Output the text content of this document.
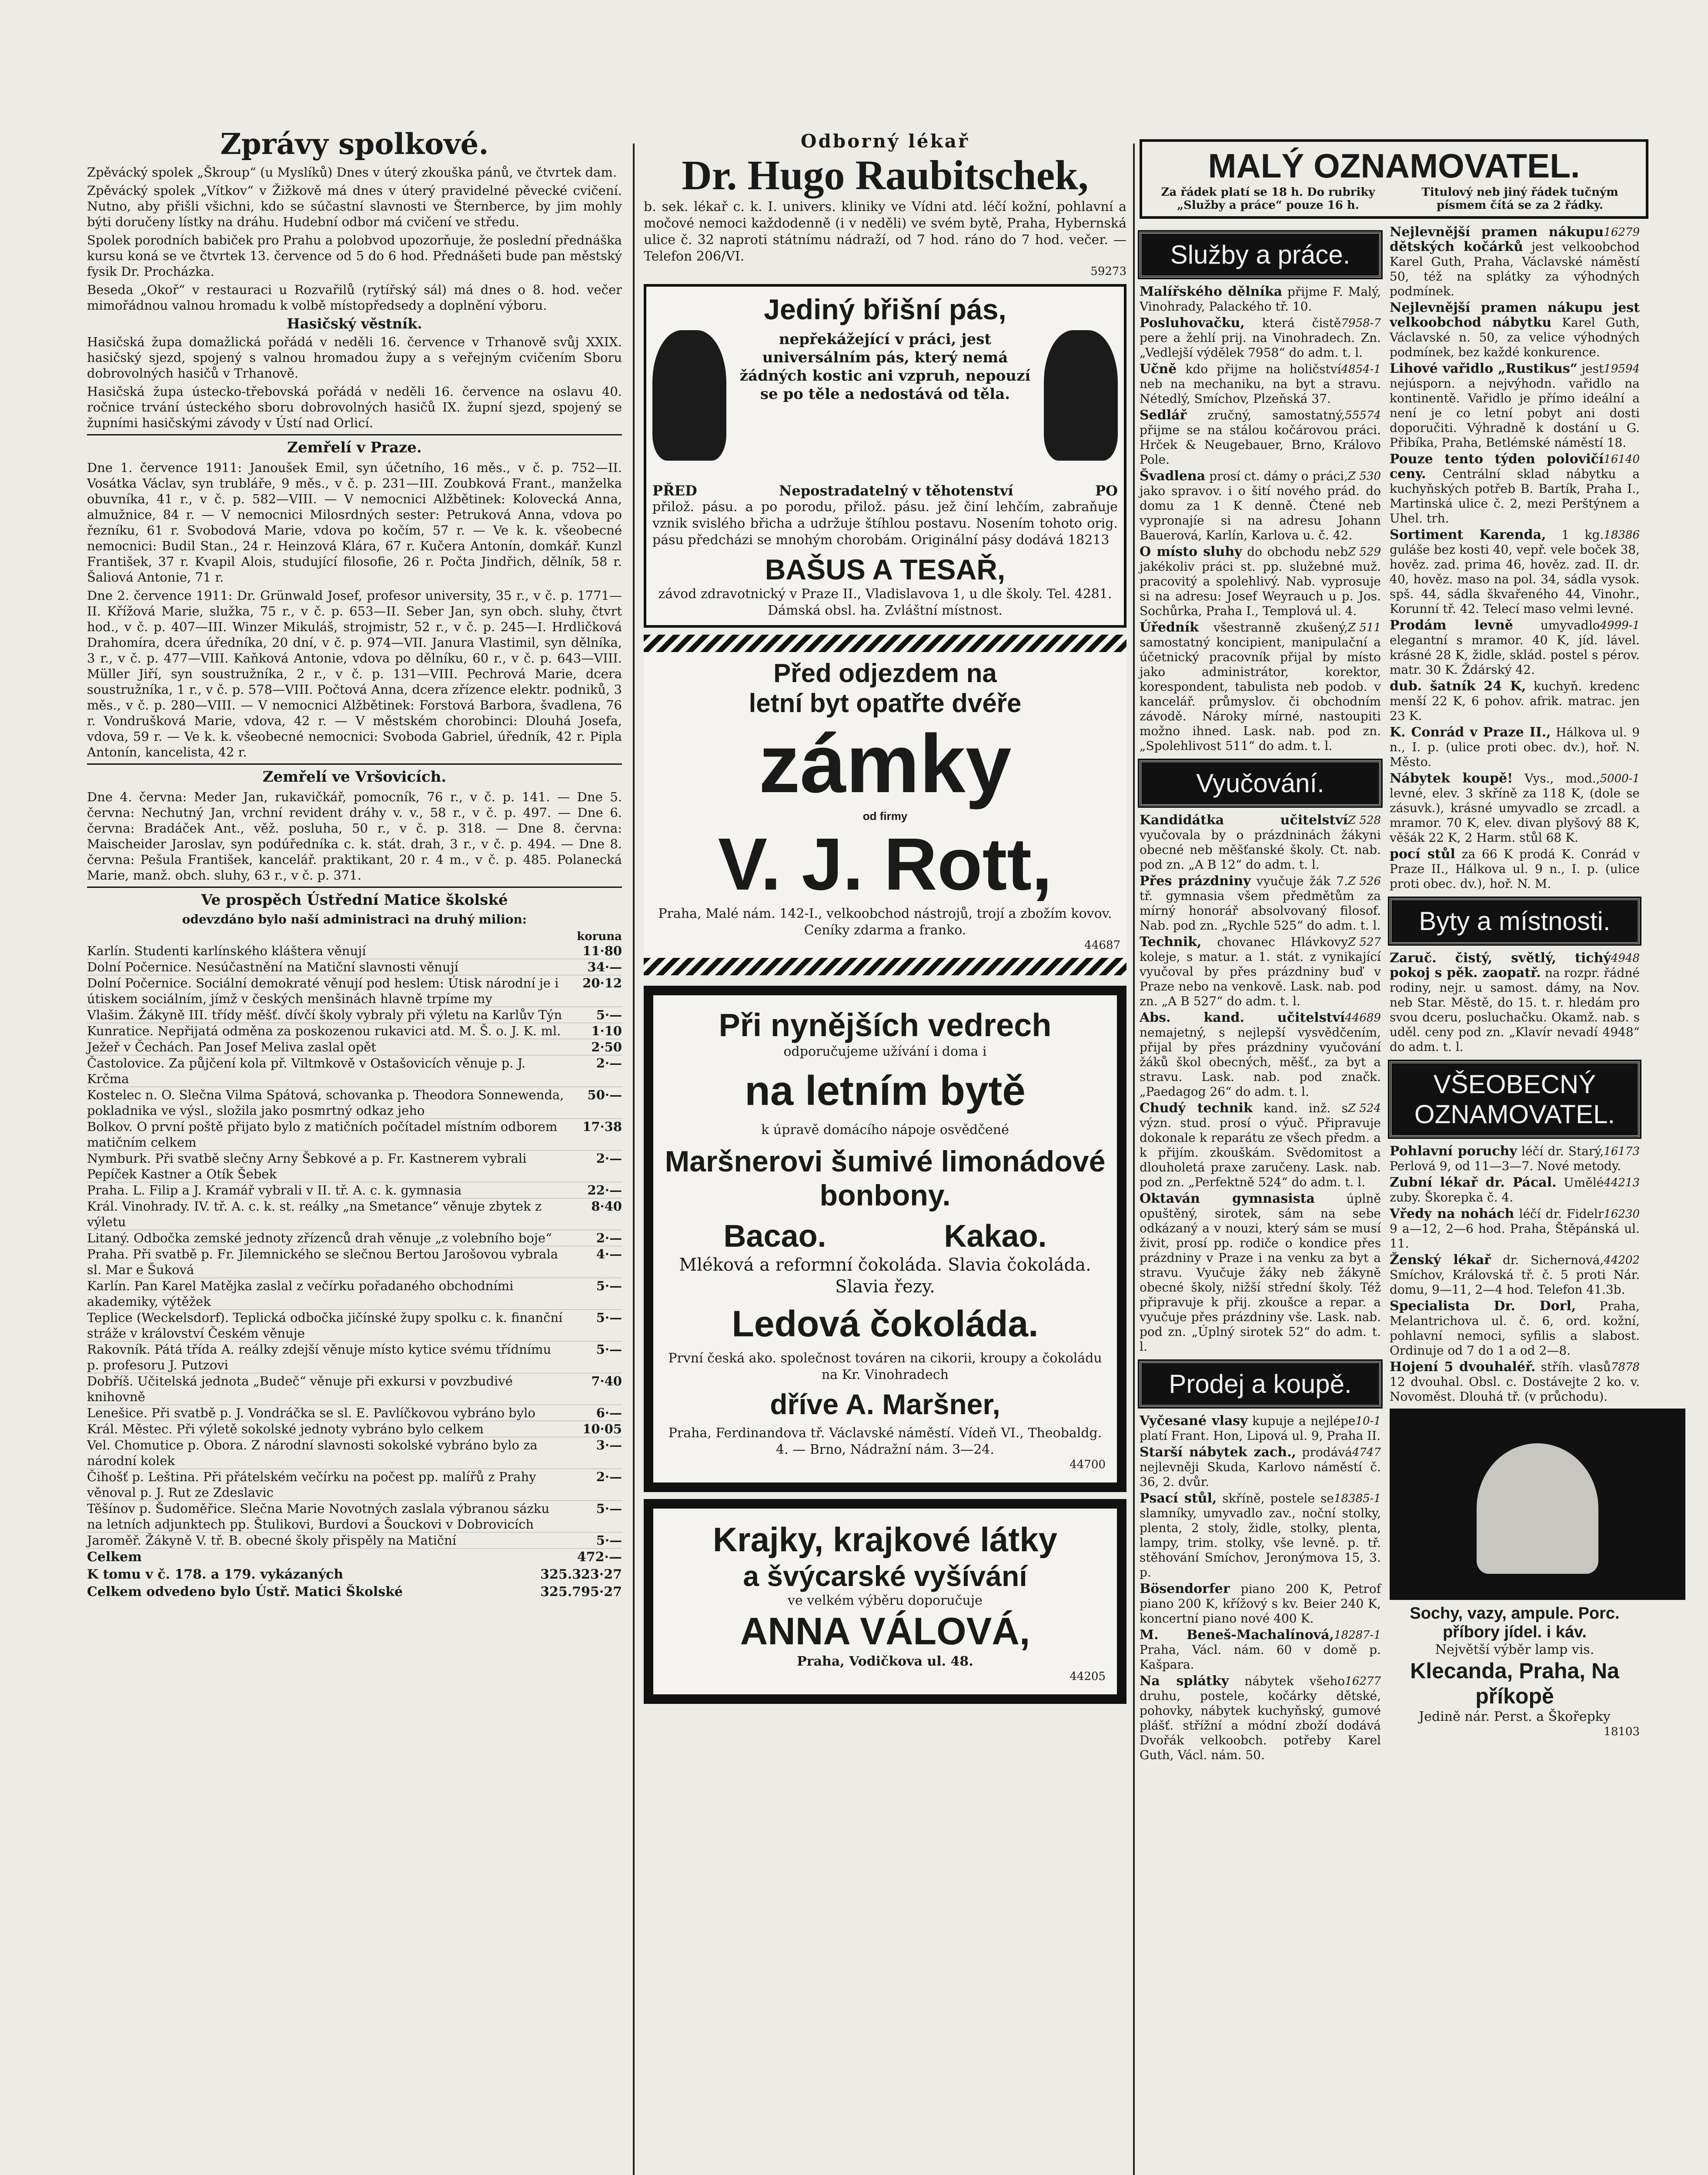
Zprávy spolkové.

Zpěvácký spolek „Škroup“ (u Myslíků) Dnes v úterý zkouška pánů, ve čtvrtek dam.

Zpěvácký spolek „Vítkov“ v Žižkově má dnes v úterý pravidelné pěvecké cvičení. Nutno, aby přišli všichni, kdo se súčastní slavnosti ve Šternberce, by jim mohly býti doručeny lístky na dráhu. Hudební odbor má cvičení ve středu.

Spolek porodních babiček pro Prahu a polobvod upozorňuje, že poslední přednáška kursu koná se ve čtvrtek 13. července od 5 do 6 hod. Přednášeti bude pan městský fysik Dr. Procházka.

Beseda „Okoř“ v restauraci u Rozvařilů (rytířský sál) má dnes o 8. hod. večer mimořádnou valnou hromadu k volbě místopředsedy a doplnění výboru.

Hasičský věstník.

Hasičská župa domažlická pořádá v neděli 16. července v Trhanově svůj XXIX. hasičský sjezd, spojený s valnou hromadou župy a s veřejným cvičením Sboru dobrovolných hasičů v Trhanově.

Hasičská župa ústecko-třebovská pořádá v neděli 16. července na oslavu 40. ročnice trvání ústeckého sboru dobrovolných hasičů IX. župní sjezd, spojený se župními hasičskými závody v Ústí nad Orlicí.

Zemřelí v Praze.

Dne 1. července 1911: Janoušek Emil, syn účetního, 16 měs., v č. p. 752—II. Vosátka Václav, syn trubláře, 9 měs., v č. p. 231—III. Zoubková Frant., manželka obuvníka, 41 r., v č. p. 582—VIII. — V nemocnici Alžbětinek: Kolovecká Anna, almužnice, 84 r. — V nemocnici Milosrdných sester: Petruková Anna, vdova po řezníku, 61 r. Svobodová Marie, vdova po kočím, 57 r. — Ve k. k. všeobecné nemocnici: Budil Stan., 24 r. Heinzová Klára, 67 r. Kučera Antonín, domkář. Kunzl František, 37 r. Kvapil Alois, studující filosofie, 26 r. Počta Jindřich, dělník, 58 r. Šaliová Antonie, 71 r.

Dne 2. července 1911: Dr. Grünwald Josef, profesor university, 35 r., v č. p. 1771—II. Křížová Marie, služka, 75 r., v č. p. 653—II. Seber Jan, syn obch. sluhy, čtvrt hod., v č. p. 407—III. Winzer Mikuláš, strojmistr, 52 r., v č. p. 245—I. Hrdličková Drahomíra, dcera úředníka, 20 dní, v č. p. 974—VII. Janura Vlastimil, syn dělníka, 3 r., v č. p. 477—VIII. Kaňková Antonie, vdova po dělníku, 60 r., v č. p. 643—VIII. Müller Jiří, syn soustružníka, 2 r., v č. p. 131—VIII. Pechrová Marie, dcera soustružníka, 1 r., v č. p. 578—VIII. Počtová Anna, dcera zřízence elektr. podniků, 3 měs., v č. p. 280—VIII. — V nemocnici Alžbětinek: Forstová Barbora, švadlena, 76 r. Vondrušková Marie, vdova, 42 r. — V městském chorobinci: Dlouhá Josefa, vdova, 59 r. — Ve k. k. všeobecné nemocnici: Svoboda Gabriel, úředník, 42 r. Pipla Antonín, kancelista, 42 r.

Zemřelí ve Vršovicích.

Dne 4. června: Meder Jan, rukavičkář, pomocník, 76 r., v č. p. 141. — Dne 5. června: Nechutný Jan, vrchní revident dráhy v. v., 58 r., v č. p. 497. — Dne 6. června: Bradáček Ant., věž. posluha, 50 r., v č. p. 318. — Dne 8. června: Maischeider Jaroslav, syn podúředníka c. k. stát. drah, 3 r., v č. p. 494. — Dne 8. června: Pešula František, kancelář. praktikant, 20 r. 4 m., v č. p. 485. Polanecká Marie, manž. obch. sluhy, 63 r., v č. p. 371.

Ve prospěch Ústřední Matice školské
odevzdáno bylo naší administraci na druhý milion:
koruna
Karlín. Studenti karlínského kláštera věnují	11·80
Dolní Počernice. Nesúčastnění na Matiční slavnosti věnují	34·—
Dolní Počernice. Sociální demokraté věnují pod heslem: Útisk národní je i útiskem sociálním, jímž v českých menšinách hlavně trpíme my
20·12
Vlašim. Žákyně III. třídy měšť. dívčí školy vybraly při výletu na Karlův Týn	5·—
Kunratice. Nepřijatá odměna za poskozenou rukavici atd. M. Š. o. J. K. ml.	1·10
Ježeř v Čechách. Pan Josef Meliva zaslal opět	2·50
Častolovice. Za půjčení kola př. Viltmkově v Ostašovicích věnuje p. J. Krčma
2·—
Kostelec n. O. Slečna Vilma Spátová, schovanka p. Theodora Sonnewenda, pokladnika ve výsl., složila jako posmrtný odkaz jeho
50·—
Bolkov. O první poště přijato bylo z matičních počítadel místním odborem matičním celkem
17·38
Nymburk. Při svatbě slečny Arny Šebkové a p. Fr. Kastnerem vybrali Pepíček Kastner a Otík Šebek
2·—
Praha. L. Filip a J. Kramář vybrali v II. tř. A. c. k. gymnasia	22·—
Král. Vinohrady. IV. tř. A. c. k. st. reálky „na Smetance“ věnuje zbytek z výletu
8·40
Litaný. Odbočka zemské jednoty zřízenců drah věnuje „z volebního boje“	2·—
Praha. Při svatbě p. Fr. Jilemnického se slečnou Bertou Jarošovou vybrala sl. Mar e Šuková
4·—
Karlín. Pan Karel Matějka zaslal z večírku pořadaného obchodními akademiky, výtěžek
5·—
Teplice (Weckelsdorf). Teplická odbočka jičínské župy spolku c. k. finanční stráže v království Českém věnuje
5·—
Rakovník. Pátá třída A. reálky zdejší věnuje místo kytice svému třídnímu p. profesoru J. Putzovi
5·—
Dobříš. Učitelská jednota „Budeč“ věnuje při exkursi v povzbudivé knihovně
7·40
Lenešice. Při svatbě p. J. Vondráčka se sl. E. Pavlíčkovou vybráno bylo	6·—
Král. Městec. Při výletě sokolské jednoty vybráno bylo celkem	10·05
Vel. Chomutice p. Obora. Z národní slavnosti sokolské vybráno bylo za národní kolek
3·—
Čihošť p. Leština. Při přátelském večírku na počest pp. malířů z Prahy věnoval p. J. Rut ze Zdeslavic
2·—
Těšínov p. Šudoměřice. Slečna Marie Novotných zaslala výbranou sázku na letních adjunktech pp. Štulikovi, Burdovi a Šouckovi v Dobrovicích
5·—
Jaroměř. Žákyně V. tř. B. obecné školy přispěly na Matiční	5·—
Celkem	472·—
K tomu v č. 178. a 179. vykázaných	325.323·27
Celkem odvedeno bylo Ústř. Matici Školské	325.795·27
Odborný lékař
Dr. Hugo Raubitschek,
b. sek. lékař c. k. I. univers. kliniky ve Vídni atd. léčí kožní, pohlavní a močové nemoci každodenně (i v neděli) ve svém bytě, Praha, Hybernská ulice č. 32 naproti státnímu nádraží, od 7 hod. ráno do 7 hod. večer. — Telefon 206/VI.
59273
Jediný břišní pás,
nepřekážející v práci, jest universálním pás, který nemá žádných kostic ani vzpruh, nepouzí se po těle a nedostává od těla.
PŘED	Nepostradatelný v těhotenství	PO
přilož. pásu. a po porodu, přilož. pásu. jež činí lehčím, zabraňuje vznik svislého břicha a udržuje štíhlou postavu. Nosením tohoto orig. pásu předcházi se mnohým chorobám. Originální pásy dodává 18213
BAŠUS A TESAŘ,
závod zdravotnický v Praze II., Vladislavova 1, u dle školy. Tel. 4281. Dámská obsl. ha. Zvláštní místnost.
Před odjezdem na
letní byt opatřte dvéře
zámky
od firmy
V. J. Rott,
Praha, Malé nám. 142-I., velkoobchod nástrojů, trojí a zbožím kovov. Ceníky zdarma a franko.
44687
Při nynějších vedrech
odporučujeme užívání i doma i
na letním bytě
k úpravě domácího nápoje osvědčené
Maršnerovi šumivé limonádové bonbony.
Bacao.	Kakao.
Mléková a reformní čokoláda. Slavia čokoláda. Slavia řezy.
Ledová čokoláda.
První česká ako. společnost továren na cikorii, kroupy a čokoládu na Kr. Vinohradech
dříve A. Maršner,
Praha, Ferdinandova tř. Václavské náměstí. Vídeň VI., Theobaldg. 4. — Brno, Nádražní nám. 3—24.
44700
Krajky, krajkové látky
a švýcarské vyšívání
ve velkém výběru doporučuje
ANNA VÁLOVÁ,
Praha, Vodičkova ul. 48.
44205
MALÝ OZNAMOVATEL.
Za řádek platí se 18 h. Do rubriky „Služby a práce“ pouze 16 h.
Titulový neb jiný řádek tučným písmem čítá se za 2 řádky.
Služby a práce.
Malířského dělníka přijme F. Malý, Vinohrady, Palackého tř. 10.
7958-7
Posluhovačku, která čistě pere a žehlí prij. na Vinohradech. Zn. „Vedlejší výdělek 7958“ do adm. t. l.
4854-1
Učně kdo přijme na holičství neb na mechaniku, na byt a stravu. Nétedlý, Smíchov, Plzeňská 37.
55574
Sedlář zručný, samostatný, přijme se na stálou kočárovou práci. Hrček & Neugebauer, Brno, Královo Pole.
Z 530
Švadlena prosí ct. dámy o práci, jako spravov. i o šití nového prád. do domu za 1 K denně. Čtené neb vypronajíe si na adresu Johann Bauerová, Karlín, Karlova u. č. 42.
Z 529
O místo sluhy do obchodu neb jakékoliv práci st. pp. služebné muž. pracovitý a spolehlivý. Nab. vyprosuje si na adresu: Josef Weyrauch u p. Jos. Sochůrka, Praha I., Templová ul. 4.
Z 511
Úředník všestranně zkušený, samostatný koncipient, manipulační a účetnický pracovník přijal by místo jako administrátor, korektor, korespondent, tabulista neb podob. v kancelář. průmyslov. či obchodním závodě. Nároky mírné, nastoupiti možno ihned. Lask. nab. pod zn. „Spolehlivost 511“ do adm. t. l.
Vyučování.
Z 528
Kandidátka učitelství vyučovala by o prázdninách žákyni obecné neb měšťanské školy. Ct. nab. pod zn. „A B 12“ do adm. t. l.
Z 526
Přes prázdniny vyučuje žák 7. tř. gymnasia všem předmětům za mírný honorář absolvovaný filosof. Nab. pod zn. „Rychle 525“ do adm. t. l.
Z 527
Technik, chovanec Hlávkovy koleje, s matur. a 1. stát. z vynikající vyučoval by přes prázdniny buď v Praze nebo na venkově. Lask. nab. pod zn. „A B 527“ do adm. t. l.
44689
Abs. kand. učitelství nemajetný, s nejlepší vysvědčením, přijal by přes prázdniny vyučování žáků škol obecných, měšť., za byt a stravu. Lask. nab. pod značk. „Paedagog 26“ do adm. t. l.
Z 524
Chudý technik kand. inž. s význ. stud. prosí o výuč. Připravuje dokonale k reparátu ze všech předm. a k přijím. zkouškám. Svědomitost a dlouholetá praxe zaručeny. Lask. nab. pod zn. „Perfektně 524“ do adm. t. l.
Oktaván gymnasista	úplně opuštěný, sirotek, sám na sebe odkázaný a v nouzi, který sám se musí živit, prosí pp. rodiče o kondice přes prázdniny v Praze i na venku za byt a stravu. Vyučuje žáky neb žákyně obecné školy, nižší střední školy. Též připravuje k přij. zkoušce a repar. a vyučuje přes prázdniny vše. Lask. nab. pod zn. „Úplný sirotek 52“ do adm. t. l.
Prodej a koupě.
10-1
Vyčesané vlasy kupuje a nejlépe platí Frant. Hon, Lipová ul. 9, Praha II.
4747
Starší nábytek zach., prodává nejlevněji Skuda, Karlovo náměstí č. 36, 2. dvůr.
18385-1
Psací stůl, skříně, postele se slamníky, umyvadlo zav., noční stolky, plenta, 2 stoly, židle, stolky, plenta, lampy, trim. stolky, vše levně. p. tř. stěhování Smíchov, Jeronýmova 15, 3. p.
Bösendorfer piano 200 K, Petrof piano 200 K, křížový s kv. Beier 240 K, koncertní piano nové 400 K.
18287-1
M. Beneš-Machalínová, Praha, Václ. nám. 60 v domě p. Kašpara.
16277
Na splátky nábytek všeho druhu, postele, kočárky dětské, pohovky, nábytek kuchyňský, gumové plášť. střížní a módní zboží dodává Dvořák velkoobch. potřeby Karel Guth, Václ. nám. 50.
16279
Nejlevnější pramen nákupu dětských kočárků jest velkoobchod Karel Guth, Praha, Václavské náměstí 50, též na splátky za výhodných podmínek.
Nejlevnější pramen nákupu jest velkoobchod nábytku Karel Guth, Václavské n. 50, za velice výhodných podmínek, bez každé konkurence.
19594
Lihové vařidlo „Rustikus“ jest nejúsporn. a nejvýhodn. vařidlo na kontinentě. Vařidlo je přímo ideální a není je co letní pobyt ani dosti doporučiti. Výhradně k dostání u G. Přibíka, Praha, Betlémské náměstí 18.
16140
Pouze tento týden polovičí ceny. Centrální sklad nábytku a kuchyňských potřeb B. Bartík, Praha I., Martinská ulice č. 2, mezi Perštýnem a Uhel. trh.
18386
Sortiment Karenda, 1 kg. guláše bez kosti 40, vepř. vele boček 38, hověz. zad. prima 46, hověz. zad. II. dr. 40, hověz. maso na pol. 34, sádla vysok. spš. 44, sádla škvařeného 44, Vinohr., Korunní tř. 42. Telecí maso velmi levné.
4999-1
Prodám levně umyvadlo elegantní s mramor. 40 K, jíd. lável. krásné 28 K, židle, sklád. postel s pérov. matr. 30 K. Ždárský 42.
dub. šatník 24 K, kuchyň. kredenc menší 22 K, 6 pohov. afrik. matrac. jen 23 K.
K. Conrád v Praze II., Hálkova ul. 9 n., I. p. (ulice proti obec. dv.), hoř. N. Město.
5000-1
Nábytek koupě! Vys., mod., levné, elev. 3 skříně za 118 K, (dole se zásuvk.), krásné umyvadlo se zrcadl. a mramor. 70 K, elev. divan plyšový 88 K, věšák 22 K, 2 Harm. stůl 68 K.
pocí stůl za 66 K prodá K. Conrád v Praze II., Hálkova ul. 9 n., I. p. (ulice proti obec. dv.), hoř. N. M.
Byty a místnosti.
4948
Zaruč. čistý, světlý, tichý pokoj s pěk. zaopatř. na rozpr. řádné rodiny, nejr. u samost. dámy, na Nov. neb Star. Městě, do 15. t. r. hledám pro svou dceru, posluchačku. Okamž. nab. s uděl. ceny pod zn. „Klavír nevadí 4948“ do adm. t. l.
VŠEOBECNÝ OZNAMOVATEL.
16173
Pohlavní poruchy léčí dr. Starý, Perlová 9, od 11—3—7. Nové metody.
44213
Zubní lékař dr. Pácal. Umělé zuby. Škorepka č. 4.
16230
Vředy na nohách léčí dr. Fidelr 9 a—12, 2—6 hod. Praha, Štěpánská ul. 11.
44202
Ženský lékař dr. Sichernová, Smíchov, Královská tř. č. 5 proti Nár. domu, 9—11, 2—4 hod. Telefon 41.3b.
Specialista Dr. Dorl, Praha, Melantrichova ul. č. 6, ord. kožní, pohlavní nemoci, syfilis a slabost. Ordinuje od 7 do 1 a od 2—8.
7878
Hojení 5 dvouhaléř. stříh. vlasů 12 dvouhal. Obsl. c. Dostávejte 2 ko. v. Novoměst. Dlouhá tř. (v průchodu).
Sochy, vazy, ampule. Porc. příbory jídel. i káv.
Největší výběr lamp vis.
Klecanda, Praha, Na příkopě
Jedině nár. Perst. a Škořepky
18103
